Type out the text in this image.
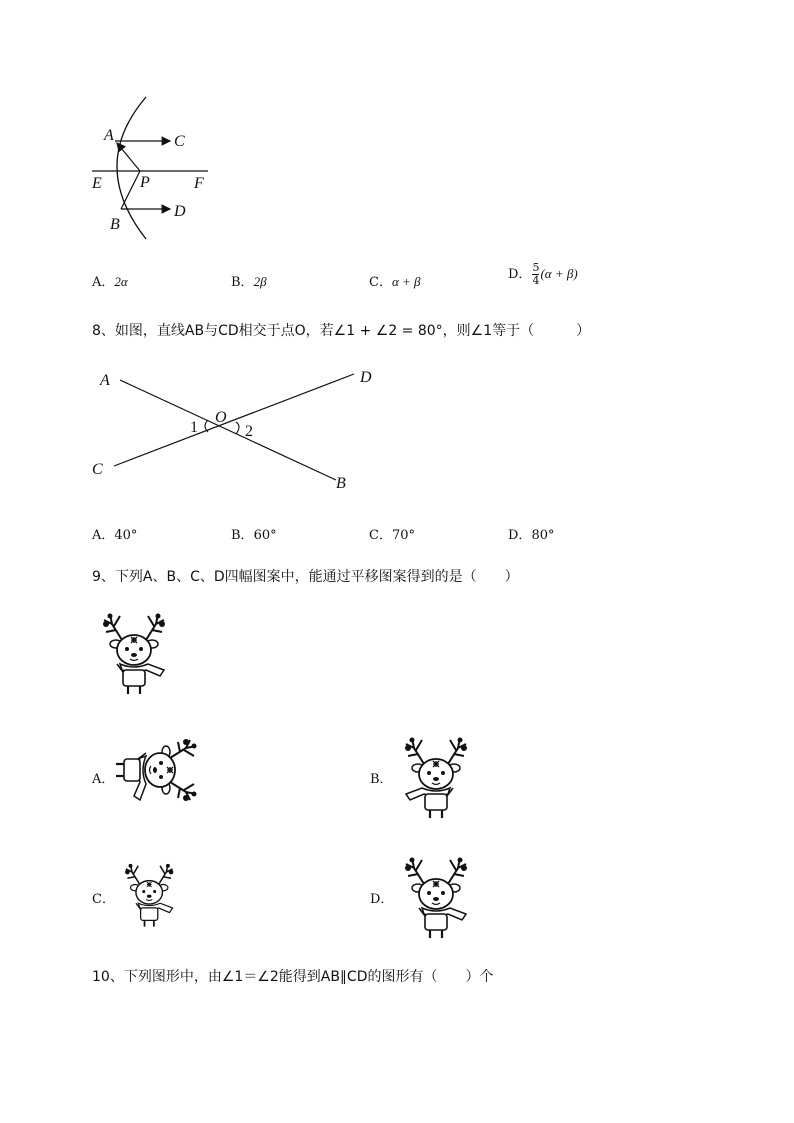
A	C
E P	F
B
D
A．2α	B．2β	C．α + β	D． $\frac{5}{4} (\alpha + \beta)$
8、如图，直线AB与CD相交于点O，若∠1 + ∠2 = 80°，则∠1等于（　　　）
A	D
O
1	2
C
B
A．40°	B．60°	C．70°	D．80°
9、下列A、B、C、D四幅图案中，能通过平移图案得到的是（　　）
A．	B．
C．	D．
10、下列图形中，由∠1＝∠2能得到AB∥CD的图形有（　　）个
